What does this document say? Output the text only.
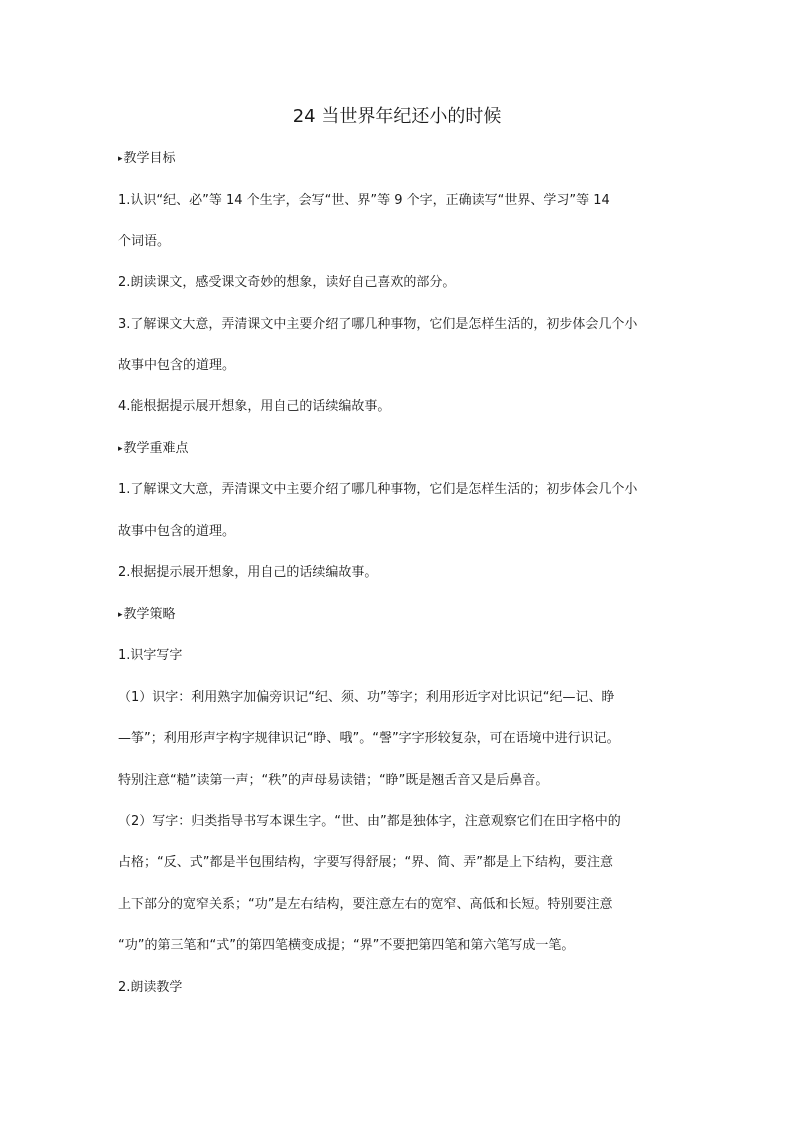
24 当世界年纪还小的时候

▸教学目标

1.认识“纪、必”等 14 个生字，会写“世、界”等 9 个字，正确读写“世界、学习”等 14

个词语。

2.朗读课文，感受课文奇妙的想象，读好自己喜欢的部分。

3.了解课文大意，弄清课文中主要介绍了哪几种事物，它们是怎样生活的，初步体会几个小

故事中包含的道理。

4.能根据提示展开想象，用自己的话续编故事。

▸教学重难点

1.了解课文大意，弄清课文中主要介绍了哪几种事物，它们是怎样生活的；初步体会几个小

故事中包含的道理。

2.根据提示展开想象，用自己的话续编故事。

▸教学策略

1.识字写字

（1）识字：利用熟字加偏旁识记“纪、须、功”等字；利用形近字对比识记“纪—记、睁

—筝”；利用形声字构字规律识记“睁、哦”。“謦”字字形较复杂，可在语境中进行识记。

特别注意“糙”读第一声；“秩”的声母易读错；“睁”既是翘舌音又是后鼻音。

（2）写字：归类指导书写本课生字。“世、由”都是独体字，注意观察它们在田字格中的

占格；“反、式”都是半包围结构，字要写得舒展；“界、简、弄”都是上下结构，要注意

上下部分的宽窄关系；“功”是左右结构，要注意左右的宽窄、高低和长短。特别要注意

“功”的第三笔和“式”的第四笔横变成提；“界”不要把第四笔和第六笔写成一笔。

2.朗读教学
